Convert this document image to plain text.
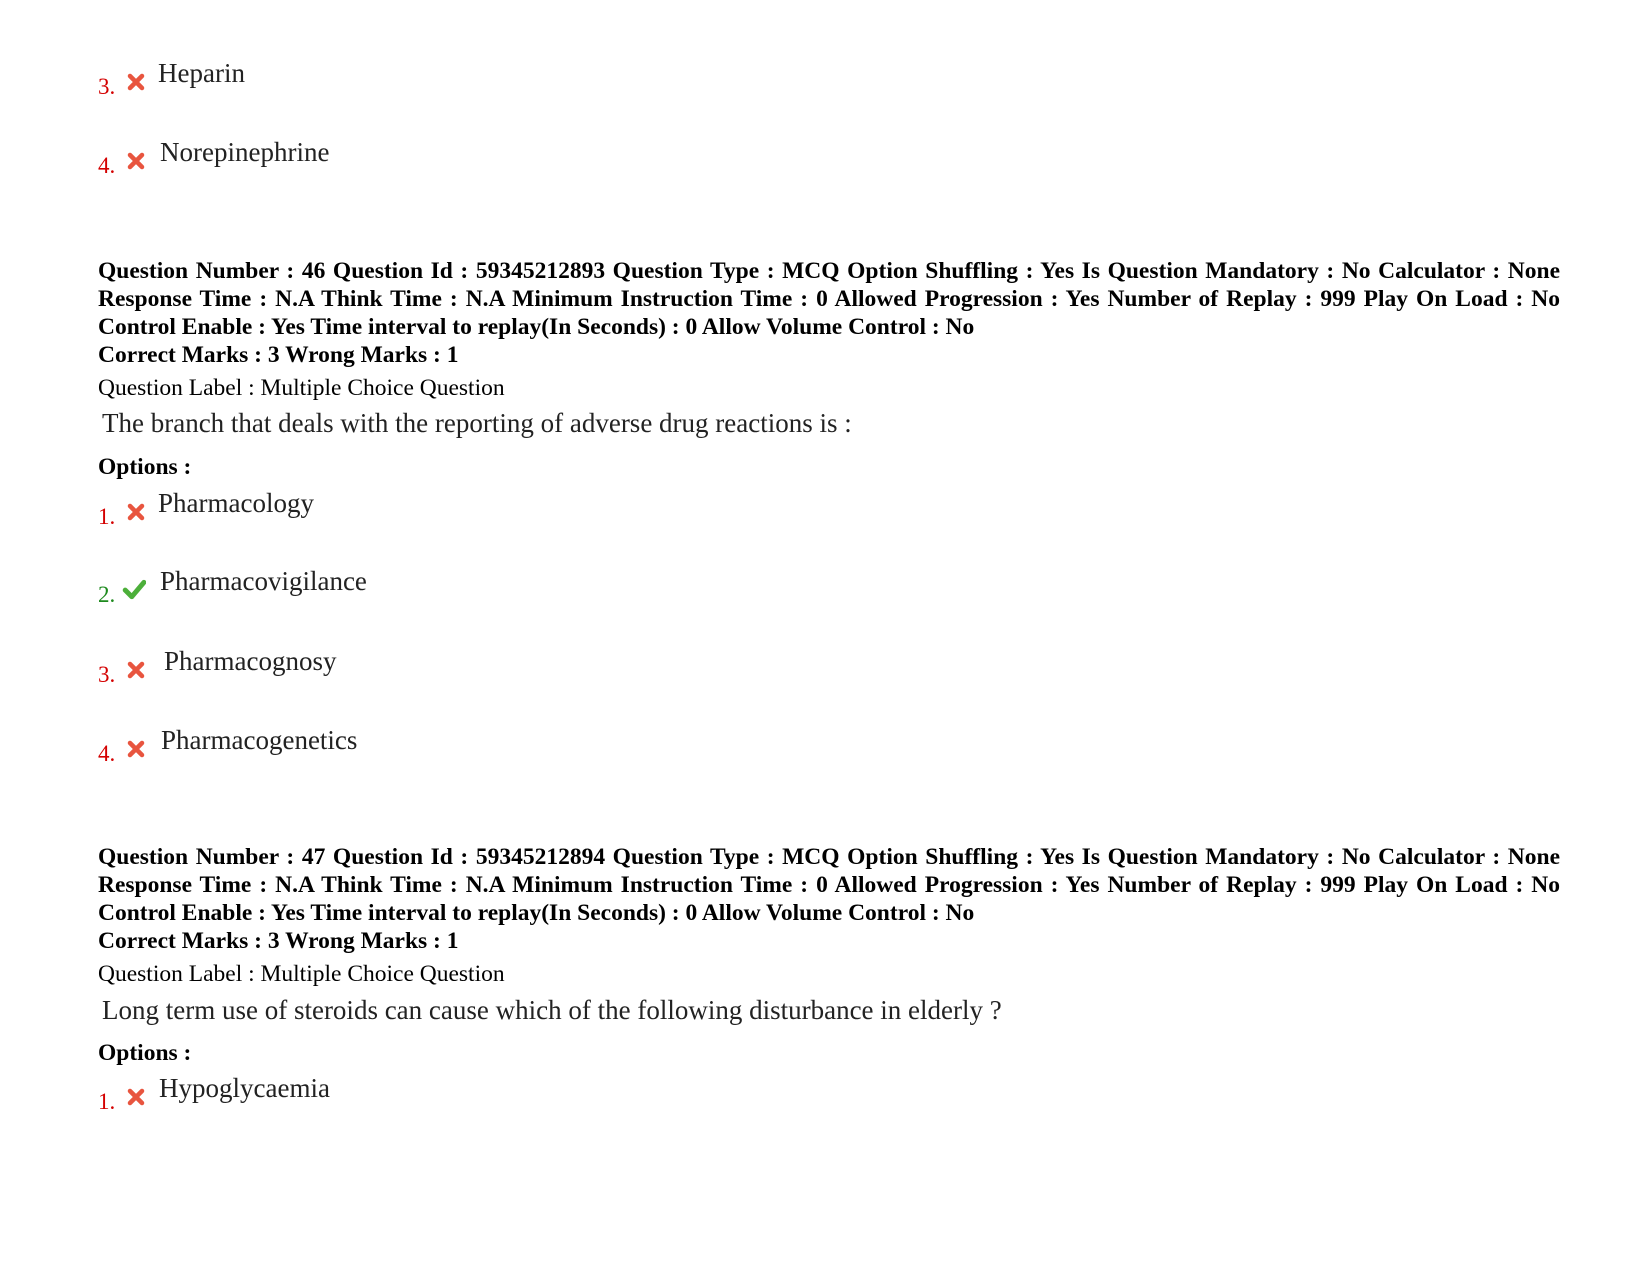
3. Heparin
4. Norepinephrine
Question Number : 46 Question Id : 59345212893 Question Type : MCQ Option Shuffling : Yes Is Question Mandatory : No Calculator : None Response Time : N.A Think Time : N.A Minimum Instruction Time : 0 Allowed Progression : Yes Number of Replay : 999 Play On Load : No Control Enable : Yes Time interval to replay(In Seconds) : 0 Allow Volume Control : No
Correct Marks : 3 Wrong Marks : 1
Question Label : Multiple Choice Question
The branch that deals with the reporting of adverse drug reactions is :
Options :
1. Pharmacology
2. Pharmacovigilance
3. Pharmacognosy
4. Pharmacogenetics
Question Number : 47 Question Id : 59345212894 Question Type : MCQ Option Shuffling : Yes Is Question Mandatory : No Calculator : None Response Time : N.A Think Time : N.A Minimum Instruction Time : 0 Allowed Progression : Yes Number of Replay : 999 Play On Load : No Control Enable : Yes Time interval to replay(In Seconds) : 0 Allow Volume Control : No
Correct Marks : 3 Wrong Marks : 1
Question Label : Multiple Choice Question
Long term use of steroids can cause which of the following disturbance in elderly ?
Options :
1. Hypoglycaemia
